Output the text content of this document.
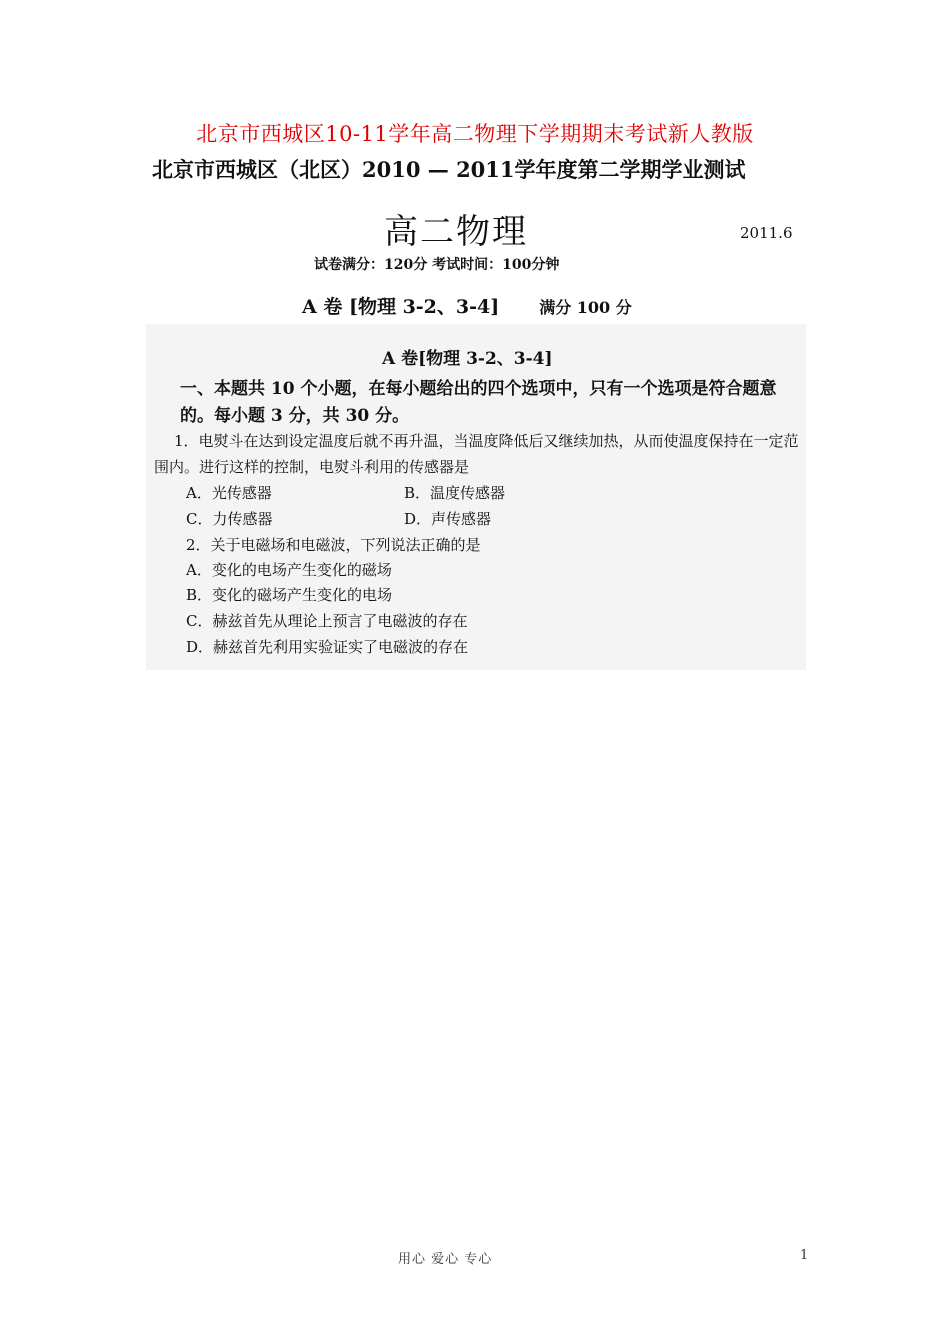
北京市西城区10-11学年高二物理下学期期末考试新人教版
北京市西城区（北区）2010 — 2011学年度第二学期学业测试
高二物理	2011.6
试卷满分：120分 考试时间：100分钟
A 卷 [物理 3-2、3-4]	满分 100 分
A 卷[物理 3-2、3-4]
一、本题共 10 个小题，在每小题给出的四个选项中，只有一个选项是符合题意的。每小题 3 分，共 30 分。
1．电熨斗在达到设定温度后就不再升温，当温度降低后又继续加热，从而使温度保持在一定范围内。进行这样的控制，电熨斗利用的传感器是
A．光传感器	B．温度传感器
C．力传感器	D．声传感器
2．关于电磁场和电磁波，下列说法正确的是
A．变化的电场产生变化的磁场
B．变化的磁场产生变化的电场
C．赫兹首先从理论上预言了电磁波的存在
D．赫兹首先利用实验证实了电磁波的存在
用心 爱心 专心	1
